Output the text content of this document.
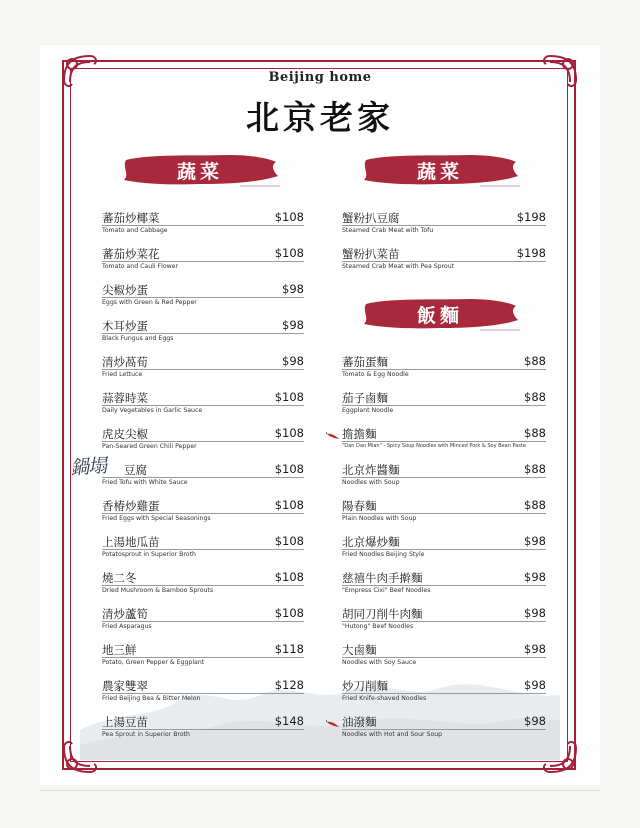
Beijing home
北京老家
蔬菜	蔬菜
飯麵
蕃茄炒椰菜	$108
Tomato and Cabbage
蕃茄炒菜花	$108
Tomato and Cauli Flower
尖椒炒蛋	$98
Eggs with Green & Red Pepper
木耳炒蛋	$98
Black Fungus and Eggs
清炒萵荀	$98
Fried Lettuce
蒜蓉時菜	$108
Daily Vegetables in Garlic Sauce
虎皮尖椒	$108
Pan-Seared Green Chili Pepper
豆腐	$108
Fried Tofu with White Sauce
香椿炒雞蛋	$108
Fried Eggs with Special Seasonings
上湯地瓜苗	$108
Potatosprout in Superior Broth
燒二冬	$108
Dried Mushroom & Bamboo Sprouts
清炒蘆筍	$108
Fried Asparagus
地三鮮	$118
Potato, Green Pepper & Eggplant
農家雙翠	$128
Fried Beijing Bea & Bitter Melon
上湯豆苗	$148
Pea Sprout in Superior Broth
鍋塌
蟹粉扒豆腐	$198
Steamed Crab Meat with Tofu
蟹粉扒菜苗	$198
Steamed Crab Meat with Pea Sprout
蕃茄蛋麵	$88
Tomato & Egg Noodle
茄子鹵麵	$88
Eggplant Noodle
擔擔麵	$88
"Dan Dan Mian" - Spicy Soup Noodles with Minced Pork & Soy Bean Paste
北京炸醬麵	$88
Noodles with Soup
陽春麵	$88
Plain Noodles with Soup
北京爆炒麵	$98
Fried Noodles Beijing Style
慈禧牛肉手擀麵	$98
"Empress Cixi" Beef Noodles
胡同刀削牛肉麵	$98
"Hutong" Beef Noodles
大鹵麵	$98
Noodles with Soy Sauce
炒刀削麵	$98
Fried Knife-shaved Noodles
油潑麵	$98
Noodles with Hot and Sour Soup
